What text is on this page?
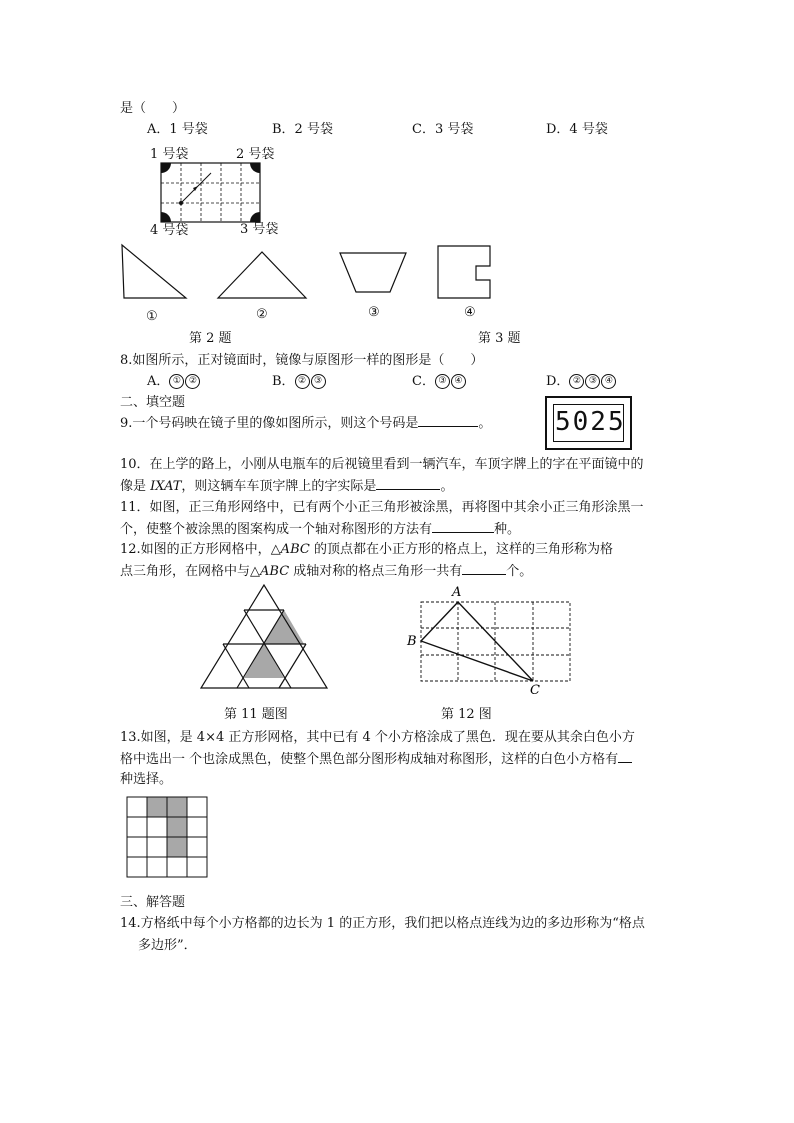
是（　　）
A．1 号袋	B．2 号袋	C．3 号袋	D．4 号袋
1 号袋	2 号袋
4 号袋	3 号袋
①	②	③	④
第 2 题	第 3 题
8.如图所示，正对镜面时，镜像与原图形一样的图形是（　　）
A． ① ②	B． ② ③	C． ③ ④	D． ② ③ ④
二、填空题
9.一个号码映在镜子里的像如图所示，则这个号码是	。 5025
10．在上学的路上，小刚从电瓶车的后视镜里看到一辆汽车，车顶字牌上的字在平面镜中的
像是 IXAT，则这辆车车顶字牌上的字实际是	。
11．如图，正三角形网络中，已有两个小正三角形被涂黑，再将图中其余小正三角形涂黑一
个，使整个被涂黑的图案构成一个轴对称图形的方法有	种。
12.如图的正方形网格中，△ABC 的顶点都在小正方形的格点上，这样的三角形称为格
点三角形，在网格中与△ABC 成轴对称的格点三角形一共有	个。
A
B
C
第 11 题图	第 12 图
13.如图，是 4×4 正方形网格，其中已有 4 个小方格涂成了黑色．现在要从其余白色小方
格中选出一 个也涂成黑色，使整个黑色部分图形构成轴对称图形，这样的白色小方格有
种选择。
三、解答题
14.方格纸中每个小方格都的边长为 1 的正方形，我们把以格点连线为边的多边形称为“格点
多边形”．
